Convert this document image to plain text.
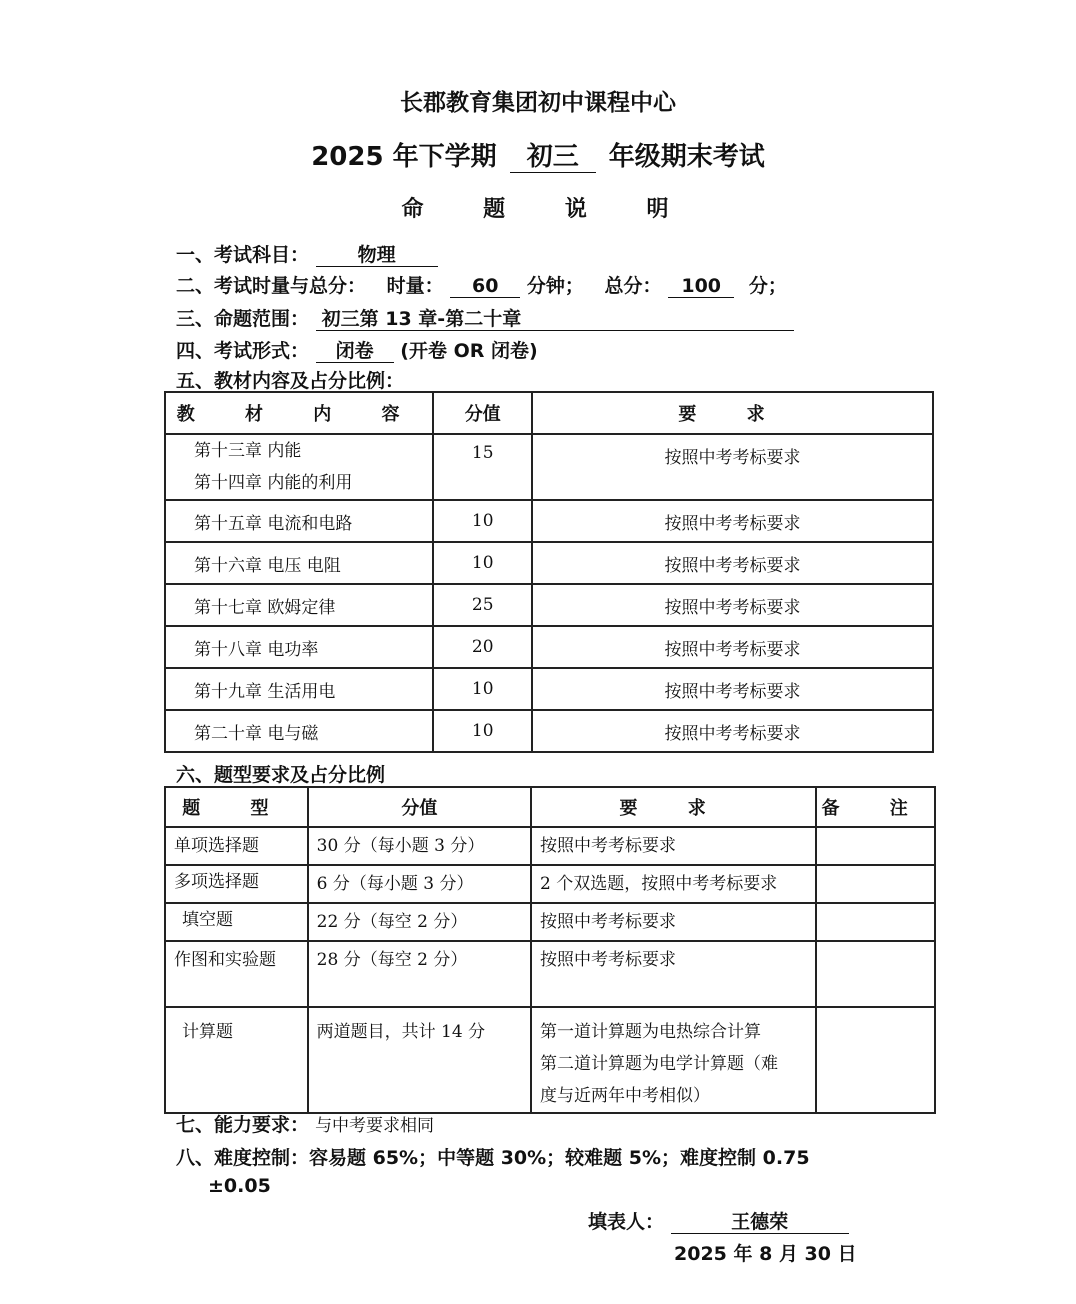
长郡教育集团初中课程中心
2025 年下学期 初三 年级期末考试
命 题 说 明
一、考试科目：	物理
二、考试时量与总分： 时量： 60 分钟； 总分： 100 分；
三、命题范围： 初三第 13 章-第二十章
四、考试形式： 闭卷 (开卷 OR 闭卷)
五、教材内容及占分比例：
教 材 内 容	分值	要 求

第十三章 内能
第十四章 内能的利用	15	按照中考考标要求
第十五章 电流和电路	10	按照中考考标要求
第十六章 电压 电阻	10	按照中考考标要求
第十七章 欧姆定律	25	按照中考考标要求
第十八章 电功率	20	按照中考考标要求
第十九章 生活用电	10	按照中考考标要求
第二十章 电与磁	10	按照中考考标要求
六、题型要求及占分比例
题 型	分值	要 求	备 注
单项选择题	30 分（每小题 3 分）	按照中考考标要求	
多项选择题	6 分（每小题 3 分）	2 个双选题，按照中考考标要求	
填空题	22 分（每空 2 分）	按照中考考标要求	
作图和实验题	28 分（每空 2 分）	按照中考考标要求	
计算题	两道题目，共计 14 分	第一道计算题为电热综合计算
第二道计算题为电学计算题（难
度与近两年中考相似）	

七、能力要求： 与中考要求相同
八、难度控制：容易题 65%；中等题 30%；较难题 5%；难度控制 0.75
±0.05
填表人：	王德荣
2025 年 8 月 30 日
